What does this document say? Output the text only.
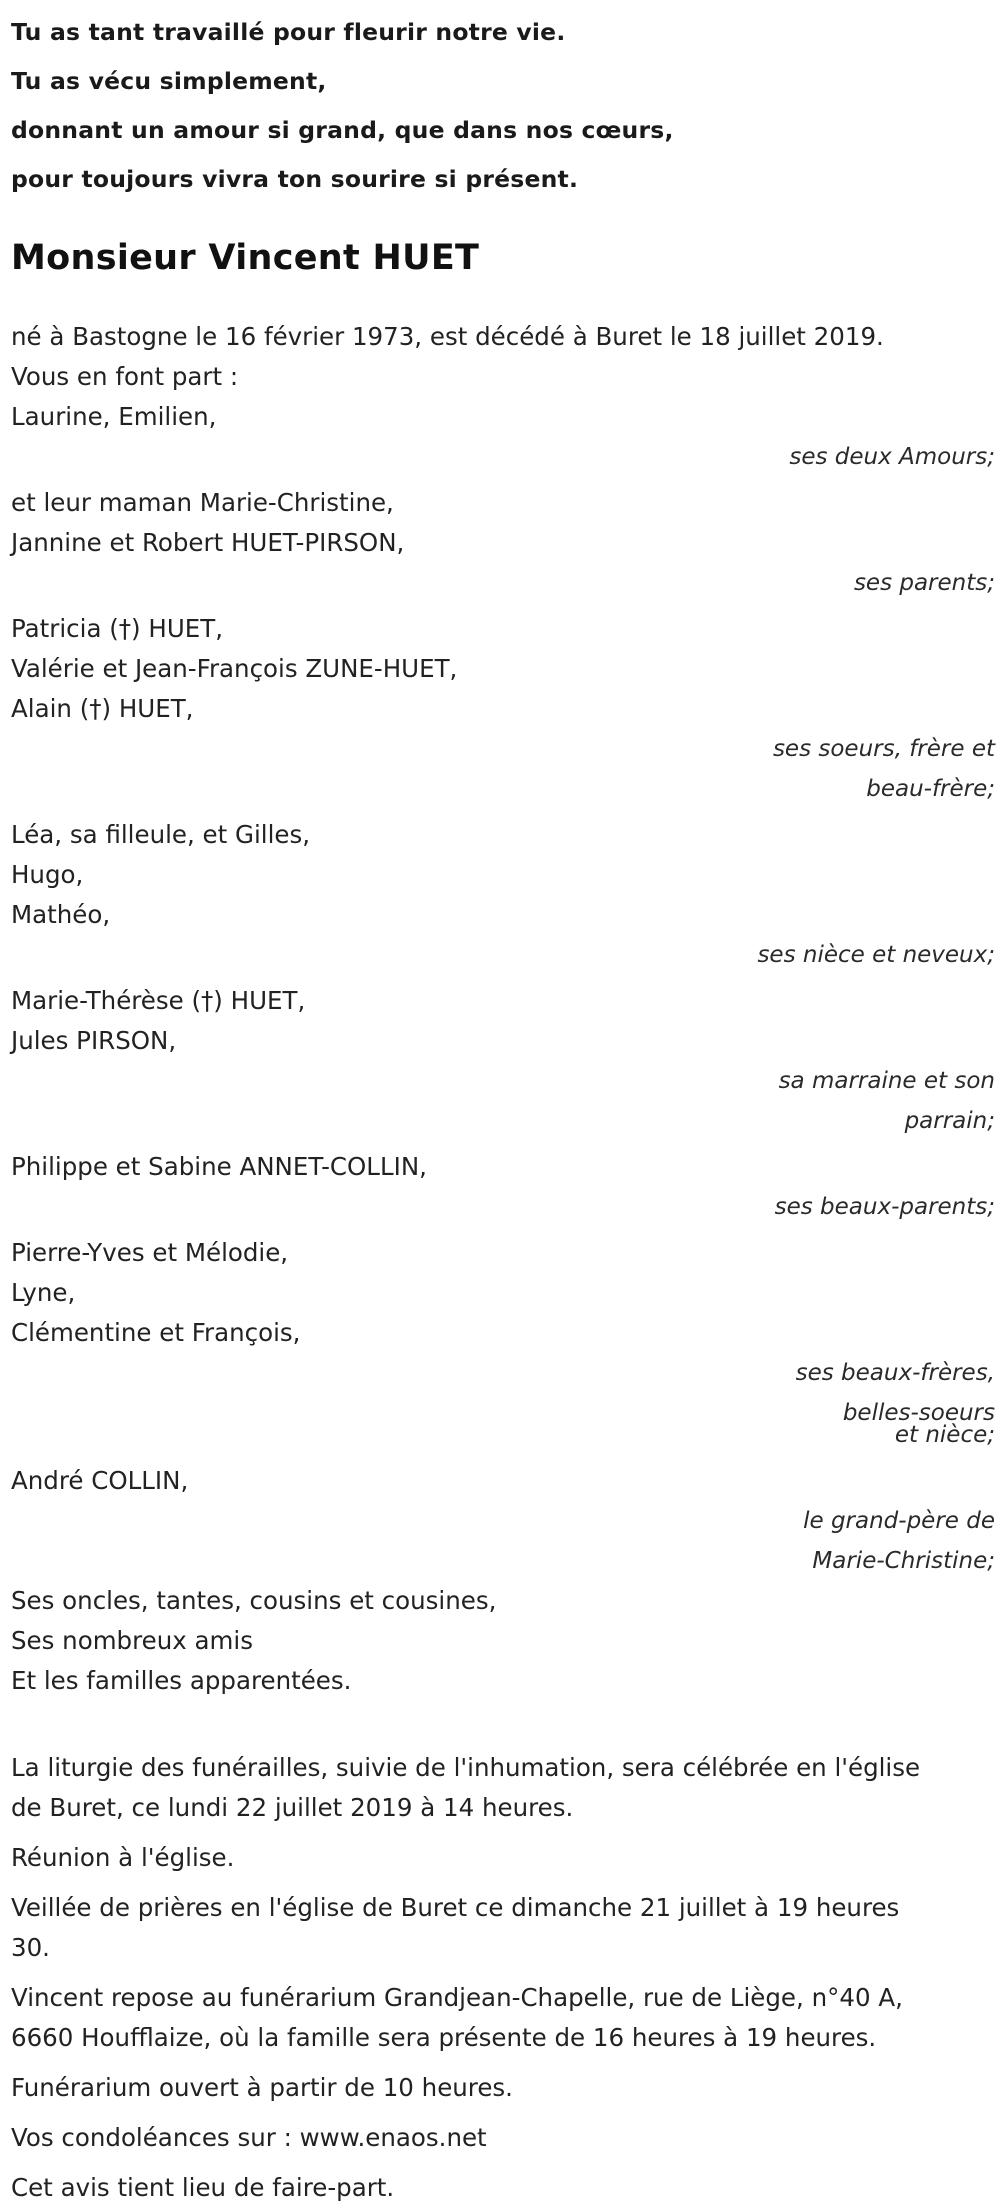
Tu as tant travaillé pour fleurir notre vie.
Tu as vécu simplement,
donnant un amour si grand, que dans nos cœurs,
pour toujours vivra ton sourire si présent.
Monsieur Vincent HUET
né à Bastogne le 16 février 1973, est décédé à Buret le 18 juillet 2019.
Vous en font part :
Laurine, Emilien,
ses deux Amours;
et leur maman Marie-Christine,
Jannine et Robert HUET-PIRSON,
ses parents;
Patricia (†) HUET,
Valérie et Jean-François ZUNE-HUET,
Alain (†) HUET,
ses soeurs, frère et
beau-frère;
Léa, sa filleule, et Gilles,
Hugo,
Mathéo,
ses nièce et neveux;
Marie-Thérèse (†) HUET,
Jules PIRSON,
sa marraine et son
parrain;
Philippe et Sabine ANNET-COLLIN,
ses beaux-parents;
Pierre-Yves et Mélodie,
Lyne,
Clémentine et François,
ses beaux-frères,
belles-soeurs
et nièce;
André COLLIN,
le grand-père de
Marie-Christine;
Ses oncles, tantes, cousins et cousines,
Ses nombreux amis
Et les familles apparentées.
La liturgie des funérailles, suivie de l'inhumation, sera célébrée en l'église
de Buret, ce lundi 22 juillet 2019 à 14 heures.
Réunion à l'église.
Veillée de prières en l'église de Buret ce dimanche 21 juillet à 19 heures
30.
Vincent repose au funérarium Grandjean-Chapelle, rue de Liège, n°40 A,
6660 Houfflaize, où la famille sera présente de 16 heures à 19 heures.
Funérarium ouvert à partir de 10 heures.
Vos condoléances sur : www.enaos.net
Cet avis tient lieu de faire-part.
